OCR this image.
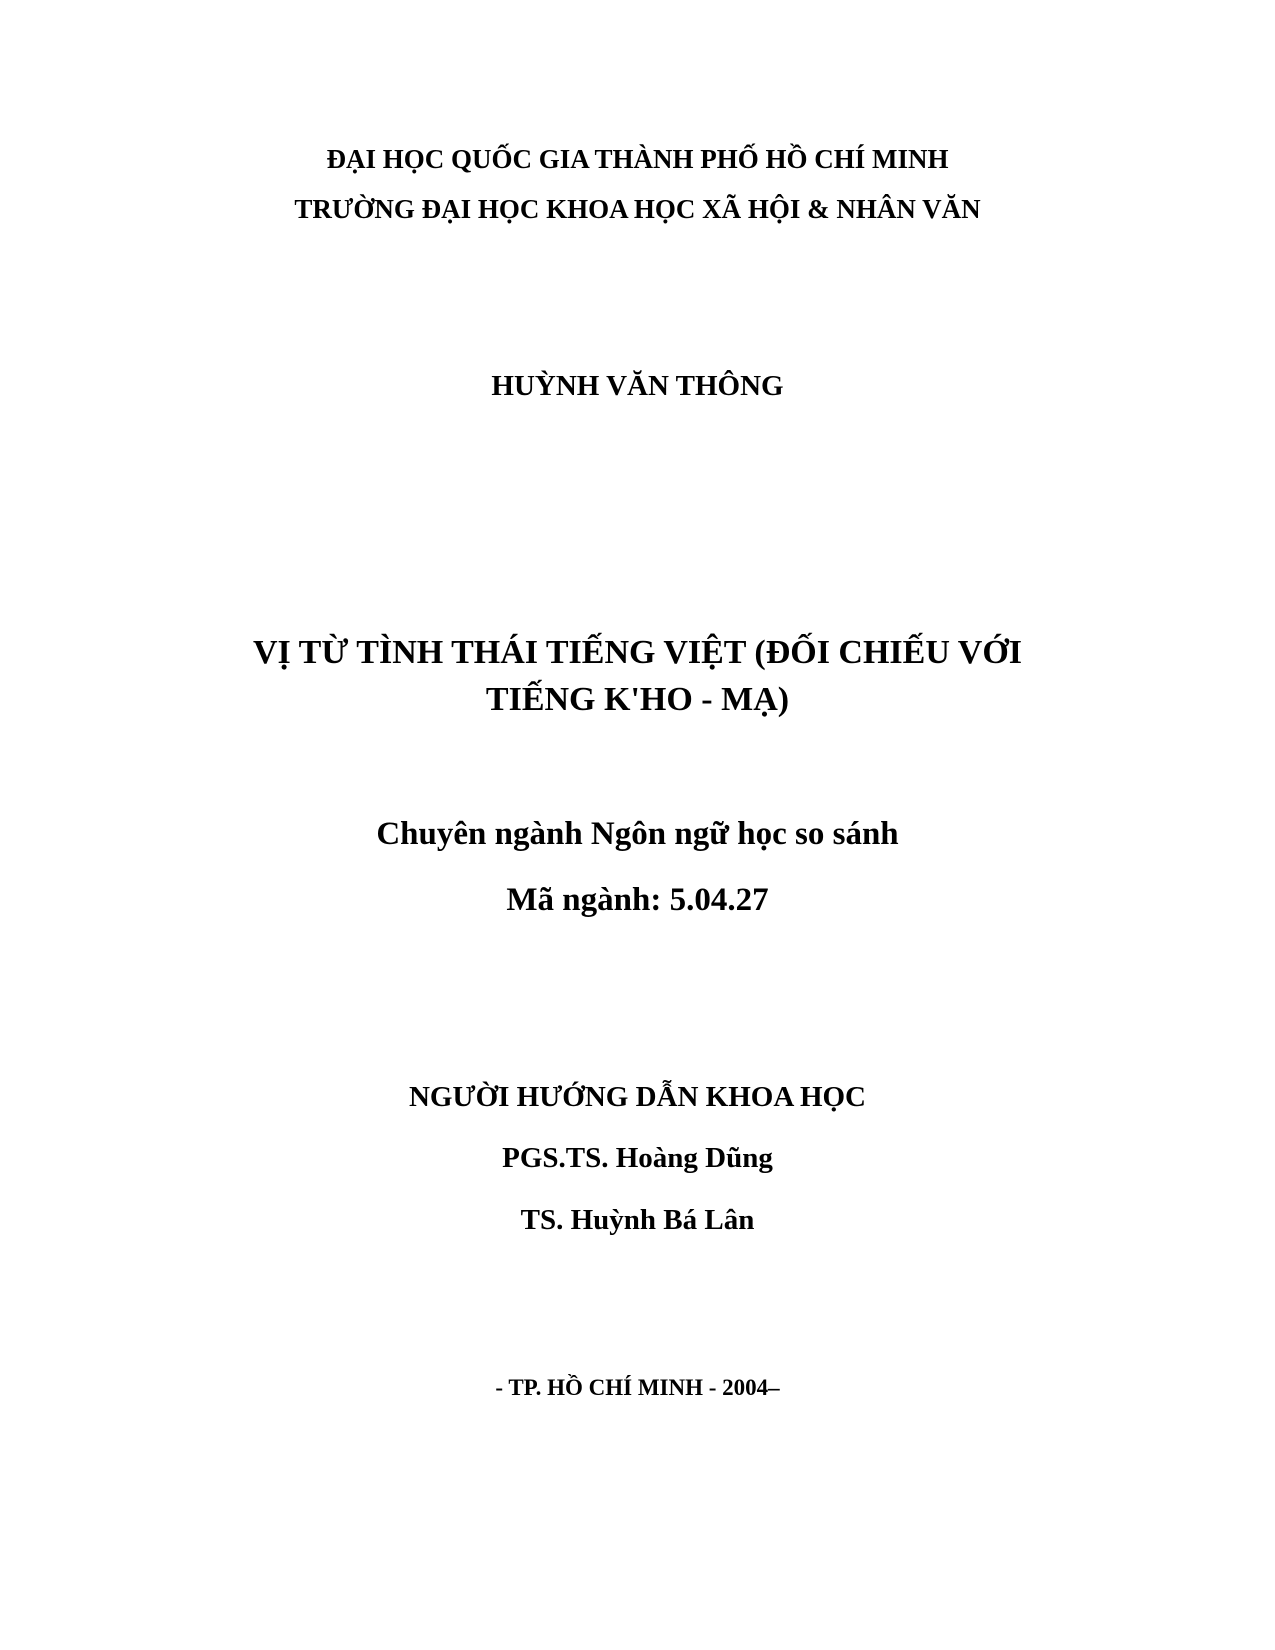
ĐẠI HỌC QUỐC GIA THÀNH PHỐ HỒ CHÍ MINH
TRƯỜNG ĐẠI HỌC KHOA HỌC XÃ HỘI & NHÂN VĂN
HUỲNH VĂN THÔNG
VỊ TỪ TÌNH THÁI TIẾNG VIỆT (ĐỐI CHIẾU VỚI
TIẾNG K'HO - MẠ)
Chuyên ngành Ngôn ngữ học so sánh
Mã ngành: 5.04.27
NGƯỜI HƯỚNG DẪN KHOA HỌC
PGS.TS. Hoàng Dũng
TS. Huỳnh Bá Lân
- TP. HỒ CHÍ MINH - 2004–
